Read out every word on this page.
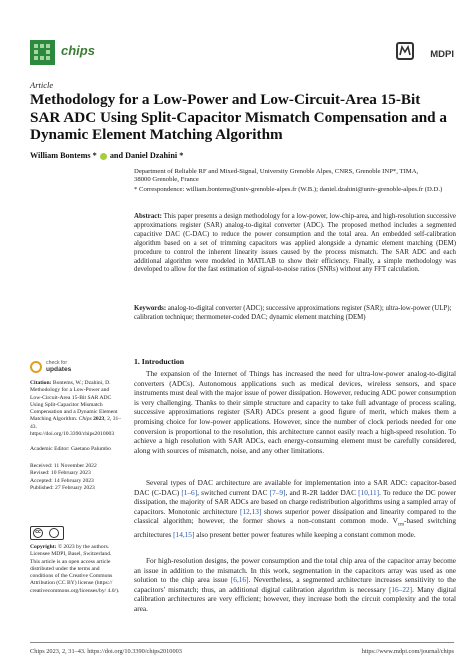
chips	MDPI
Article
Methodology for a Low-Power and Low-Circuit-Area 15-Bit SAR ADC Using Split-Capacitor Mismatch Compensation and a Dynamic Element Matching Algorithm
William Bontems * and Daniel Dzahini *
Department of Reliable RF and Mixed-Signal, University Grenoble Alpes, CNRS, Grenoble INP*, TIMA,
38000 Grenoble, France
* Correspondence: william.bontems@univ-grenoble-alpes.fr (W.B.); daniel.dzahini@univ-grenoble-alpes.fr (D.D.)
Abstract: This paper presents a design methodology for a low-power, low-chip-area, and high-resolution successive approximations register (SAR) analog-to-digital converter (ADC). The proposed method includes a segmented capacitive DAC (C-DAC) to reduce the power consumption and the total area. An embedded self-calibration algorithm based on a set of trimming capacitors was applied alongside a dynamic element matching (DEM) procedure to control the inherent linearity issues caused by the process mismatch. The SAR ADC and each additional algorithm were modeled in MATLAB to show their efficiency. Finally, a simple methodology was developed to allow for the fast estimation of signal-to-noise ratios (SNRs) without any FFT calculation.
Keywords: analog-to-digital converter (ADC); successive approximations register (SAR); ultra-low-power (ULP); calibration technique; thermometer-coded DAC; dynamic element matching (DEM)
check for
updates
Citation: Bontems, W.; Dzahini, D. Methodology for a Low-Power and Low-Circuit-Area 15-Bit SAR ADC Using Split-Capacitor Mismatch Compensation and a Dynamic Element Matching Algorithm. Chips 2023, 2, 31–43. https://doi.org/10.3390/chips2010003
Academic Editor: Gaetano Palumbo
Received: 11 November 2022
Revised: 10 February 2023
Accepted: 14 February 2023
Published: 27 February 2023
cc
Copyright: © 2023 by the authors. Licensee MDPI, Basel, Switzerland. This article is an open access article distributed under the terms and conditions of the Creative Commons Attribution (CC BY) license (https:// creativecommons.org/licenses/by/ 4.0/).
1. Introduction
The expansion of the Internet of Things has increased the need for ultra-low-power analog-to-digital converters (ADCs). Autonomous applications such as medical devices, wireless sensors, and space instruments must deal with the major issue of power dissipation. However, reducing ADC power consumption is very challenging. Thanks to their simple structure and capacity to take full advantage of process scaling, successive approximations register (SAR) ADCs present a good figure of merit, which makes them a promising choice for low-power applications. However, since the number of clock periods needed for one conversion is proportional to the resolution, this architecture cannot easily reach a high-speed resolution. To achieve a high resolution with SAR ADCs, each energy-consuming element must be carefully considered, along with sources of mismatch, noise, and any other limitations.
Several types of DAC architecture are available for implementation into a SAR ADC: capacitor-based DAC (C-DAC) [1–6], switched current DAC [7–9], and R-2R ladder DAC [10,11]. To reduce the DC power dissipation, the majority of SAR ADCs are based on charge redistribution algorithms using a sampled array of capacitors. Monotonic architecture [12,13] shows superior power dissipation and linearity compared to the classical algorithm; however, the former shows a non-constant common mode. $V_{cm}$-based switching architectures [14,15] also present better power features while keeping a constant common mode.
For high-resolution designs, the power consumption and the total chip area of the capacitor array become an issue in addition to the mismatch. In this work, segmentation in the capacitors array was used as one solution to the chip area issue [6,16]. Nevertheless, a segmented architecture increases sensitivity to the capacitors' mismatch; thus, an additional digital calibration algorithm is necessary [16–22]. Many digital calibration architectures are very efficient; however, they increase both the circuit complexity and the total area.
Chips 2023, 2, 31–43. https://doi.org/10.3390/chips2010003	https://www.mdpi.com/journal/chips
